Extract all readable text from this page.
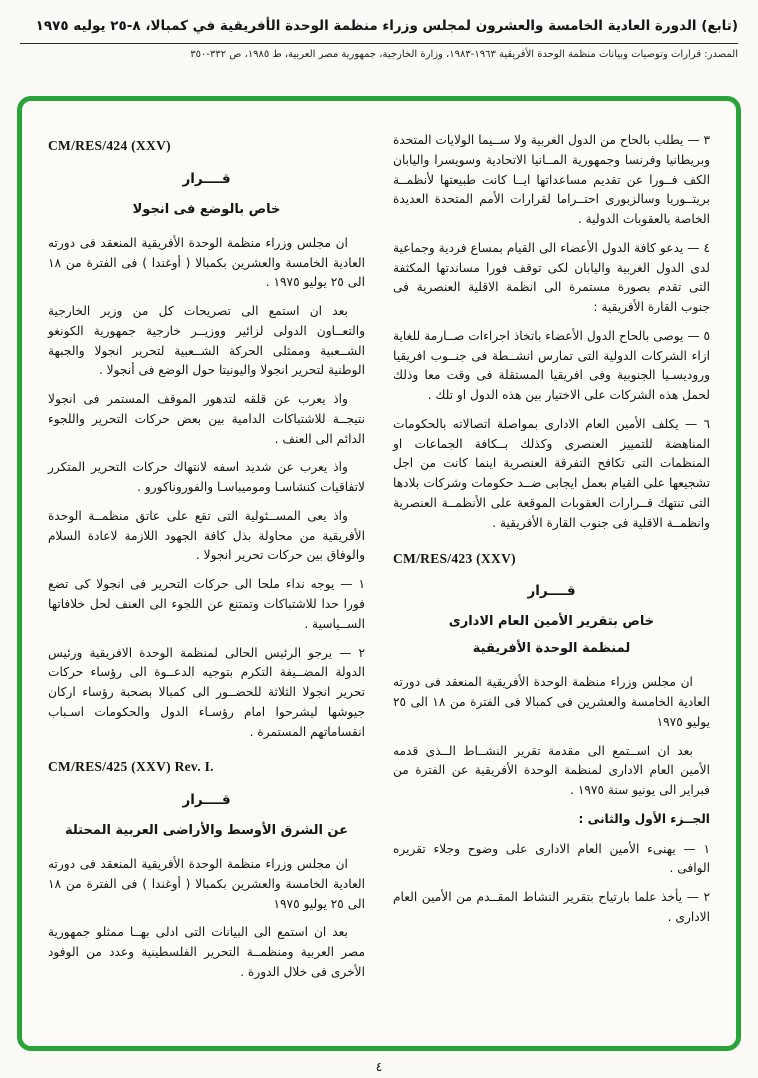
(تابع) الدورة العادية الخامسة والعشرون لمجلس وزراء منظمة الوحدة الأفريقية في كمبالا، ٨-٢٥ يوليه ١٩٧٥
المصدر: قرارات وتوصيات وبيانات منظمة الوحدة الأفريقية ١٩٦٣-١٩٨٣، وزارة الخارجية، جمهورية مصر العربية، ط ١٩٨٥، ص ٣٣٢-٣٥٠

٣ — يطلب بالحاح من الدول الغربية ولا ســيما الولايات المتحدة وبريطانيا وفرنسا وجمهورية المــانيا الاتحادية وسويسرا واليابان الكف فــورا عن تقديم مساعداتها ايــا كانت طبيعتها لأنظمــة بريتــوريا وسالزبورى احتــراما لقرارات الأمم المتحدة العديدة الخاصة بالعقوبات الدولية .

٤ — يدعو كافة الدول الأعضاء الى القيام بمساع فردية وجماعية لدى الدول الغربية واليابان لكى توقف فورا مساندتها المكثفة التى تقدم بصورة مستمرة الى انظمة الاقلية العنصرية فى جنوب القارة الأفريقية :

٥ — يوصى بالحاح الدول الأعضاء باتخاذ اجراءات صــارمة للغاية ازاء الشركات الدولية التى تمارس انشــطة فى جنــوب افريقيا وروديسـيا الجنوبية وفى افريقيا المستقلة فى وقت معا وذلك لحمل هذه الشركات على الاختيار بين هذه الدول او تلك .

٦ — يكلف الأمين العام الادارى بمواصلة اتصالاته بالحكومات المناهضة للتمييز العنصرى وكذلك بــكافة الجماعات او المنظمات التى تكافح التفرقة العنصرية اينما كانت من اجل تشجيعها على القيام بعمل ايجابى ضــد حكومات وشركات بلادها التى تنتهك قــرارات العقوبات الموقعة على الأنظمــة العنصرية وانظمــة الاقلية فى جنوب القارة الأفريقية .

CM/RES/423 (XXV)

قــــرار

خاص بتقرير الأمين العام الادارى

لمنظمة الوحدة الأفريقية

ان مجلس وزراء منظمة الوحدة الأفريقية المنعقد فى دورته العادية الخامسة والعشرين فى كمبالا فى الفترة من ١٨ الى ٢٥ يوليو ١٩٧٥

بعد ان اســتمع الى مقدمة تقرير النشــاط الــذى قدمه الأمين العام الادارى لمنظمة الوحدة الأفريقية عن الفترة من فبراير الى يونيو سنة ١٩٧٥ .

الجــزء الأول والثانى :

١ — يهنىء الأمين العام الادارى على وضوح وجلاء تقريره الوافى .

٢ — يأخذ علما بارتياح بتقرير النشاط المقــدم من الأمين العام الادارى .

CM/RES/424 (XXV)

قــــرار

خاص بالوضع فى انجولا

ان مجلس وزراء منظمة الوحدة الأفريقية المنعقد فى دورته العادية الخامسة والعشرين بكمبالا ( أوغندا ) فى الفترة من ١٨ الى ٢٥ يوليو ١٩٧٥ .

بعد ان استمع الى تصريحات كل من وزير الخارجية والتعــاون الدولى لزائير ووزيــر خارجية جمهورية الكونغو الشــعبية وممثلى الحركة الشــعبية لتحرير انجولا والجبهة الوطنية لتحرير انجولا واليونيتا حول الوضع فى أنجولا .

واذ يعرب عن قلقه لتدهور الموقف المستمر فى انجولا نتيجــة للاشتباكات الدامية بين بعض حركات التحرير واللجوء الدائم الى العنف .

واذ يعرب عن شديد اسفه لانتهاك حركات التحرير المتكرر لاتفاقيات كنشاسـا وموميباسـا والفوروناكورو .

واذ يعى المســئولية التى تقع على عاتق منظمــة الوحدة الأفريقية من محاولة بذل كافة الجهود اللازمة لاعادة السلام والوفاق بين حركات تحرير انجولا .

١ — يوجه نداء ملحا الى حركات التحرير فى انجولا كى تضع فورا حدا للاشتباكات وتمتنع عن اللجوء الى العنف لحل خلافاتها الســياسية .

٢ — يرجو الرئيس الحالى لمنظمة الوحدة الافريقية ورئيس الدولة المضــيفة التكرم بتوجيه الدعــوة الى رؤساء حركات تحرير انجولا الثلاثة للحضــور الى كمبالا بصحبة رؤساء اركان جيوشها ليشرحوا امام رؤسـاء الدول والحكومات اسـباب انقساماتهم المستمرة .

CM/RES/425 (XXV) Rev. I.

قــــرار

عن الشرق الأوسط والأراضى العربية المحتلة

ان مجلس وزراء منظمة الوحدة الأفريقية المنعقد فى دورته العادية الخامسة والعشرين بكمبالا ( أوغندا ) فى الفترة من ١٨ الى ٢٥ يوليو ١٩٧٥

بعد ان استمع الى البيانات التى ادلى بهــا ممثلو جمهورية مصر العربية ومنظمــة التحرير الفلسطينية وعدد من الوفود الأخرى فى خلال الدورة .

٤
